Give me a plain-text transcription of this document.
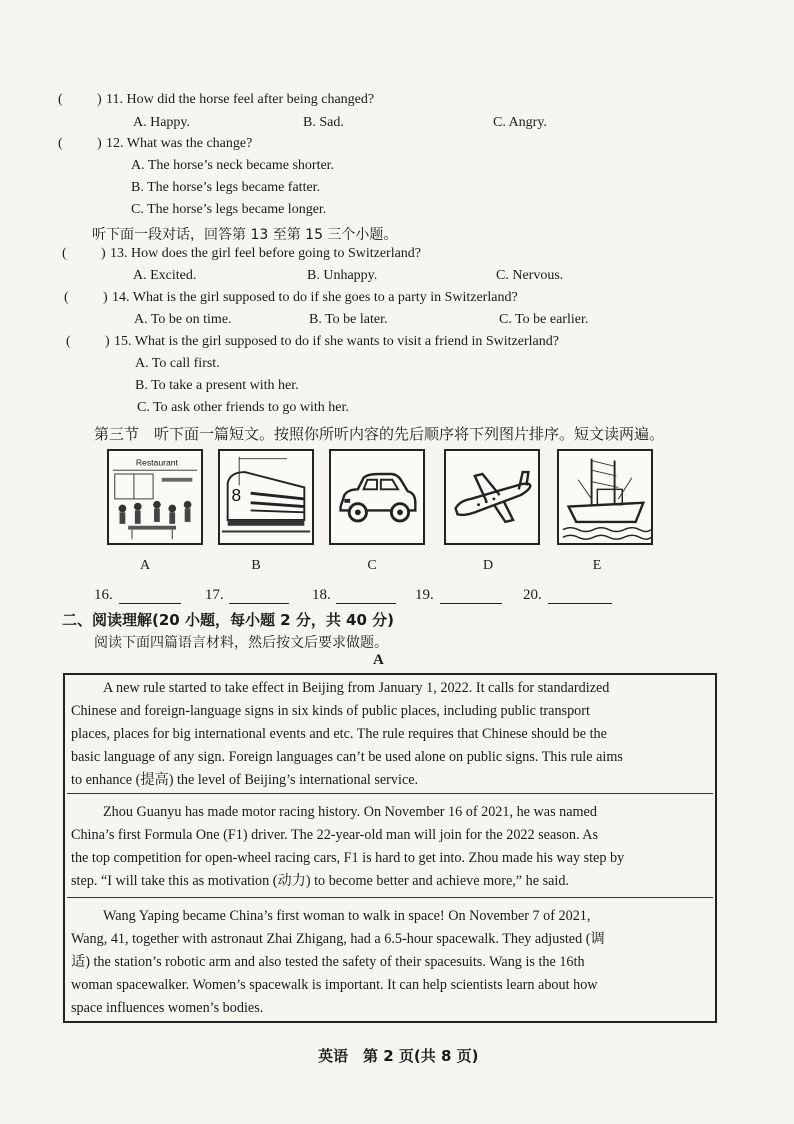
( ) 11. How did the horse feel after being changed?
A. Happy.	B. Sad.	C. Angry.
( ) 12. What was the change?
A. The horse’s neck became shorter.
B. The horse’s legs became fatter.
C. The horse’s legs became longer.
听下面一段对话，回答第 13 至第 15 三个小题。
( ) 13. How does the girl feel before going to Switzerland?
A. Excited.	B. Unhappy.	C. Nervous.
( ) 14. What is the girl supposed to do if she goes to a party in Switzerland?
A. To be on time.	B. To be later.	C. To be earlier.
( ) 15. What is the girl supposed to do if she wants to visit a friend in Switzerland?
A. To call first.
B. To take a present with her.
C. To ask other friends to go with her.
第三节　听下面一篇短文。按照你所听内容的先后顺序将下列图片排序。短文读两遍。
Restaurant
8
A	B	C	D	E
16.	17.	18.	19.	20.
二、阅读理解(20 小题，每小题 2 分，共 40 分)
阅读下面四篇语言材料，然后按文后要求做题。
A
A new rule started to take effect in Beijing from January 1, 2022. It calls for standardized
Chinese and foreign-language signs in six kinds of public places, including public transport
places, places for big international events and etc. The rule requires that Chinese should be the
basic language of any sign. Foreign languages can’t be used alone on public signs. This rule aims
to enhance (提高) the level of Beijing’s international service.
Zhou Guanyu has made motor racing history. On November 16 of 2021, he was named
China’s first Formula One (F1) driver. The 22-year-old man will join for the 2022 season. As
the top competition for open-wheel racing cars, F1 is hard to get into. Zhou made his way step by
step. “I will take this as motivation (动力) to become better and achieve more,” he said.
Wang Yaping became China’s first woman to walk in space! On November 7 of 2021,
Wang, 41, together with astronaut Zhai Zhigang, had a 6.5-hour spacewalk. They adjusted (调
适) the station’s robotic arm and also tested the safety of their spacesuits. Wang is the 16th
woman spacewalker. Women’s spacewalk is important. It can help scientists learn about how
space influences women’s bodies.
英语　第 2 页(共 8 页)
